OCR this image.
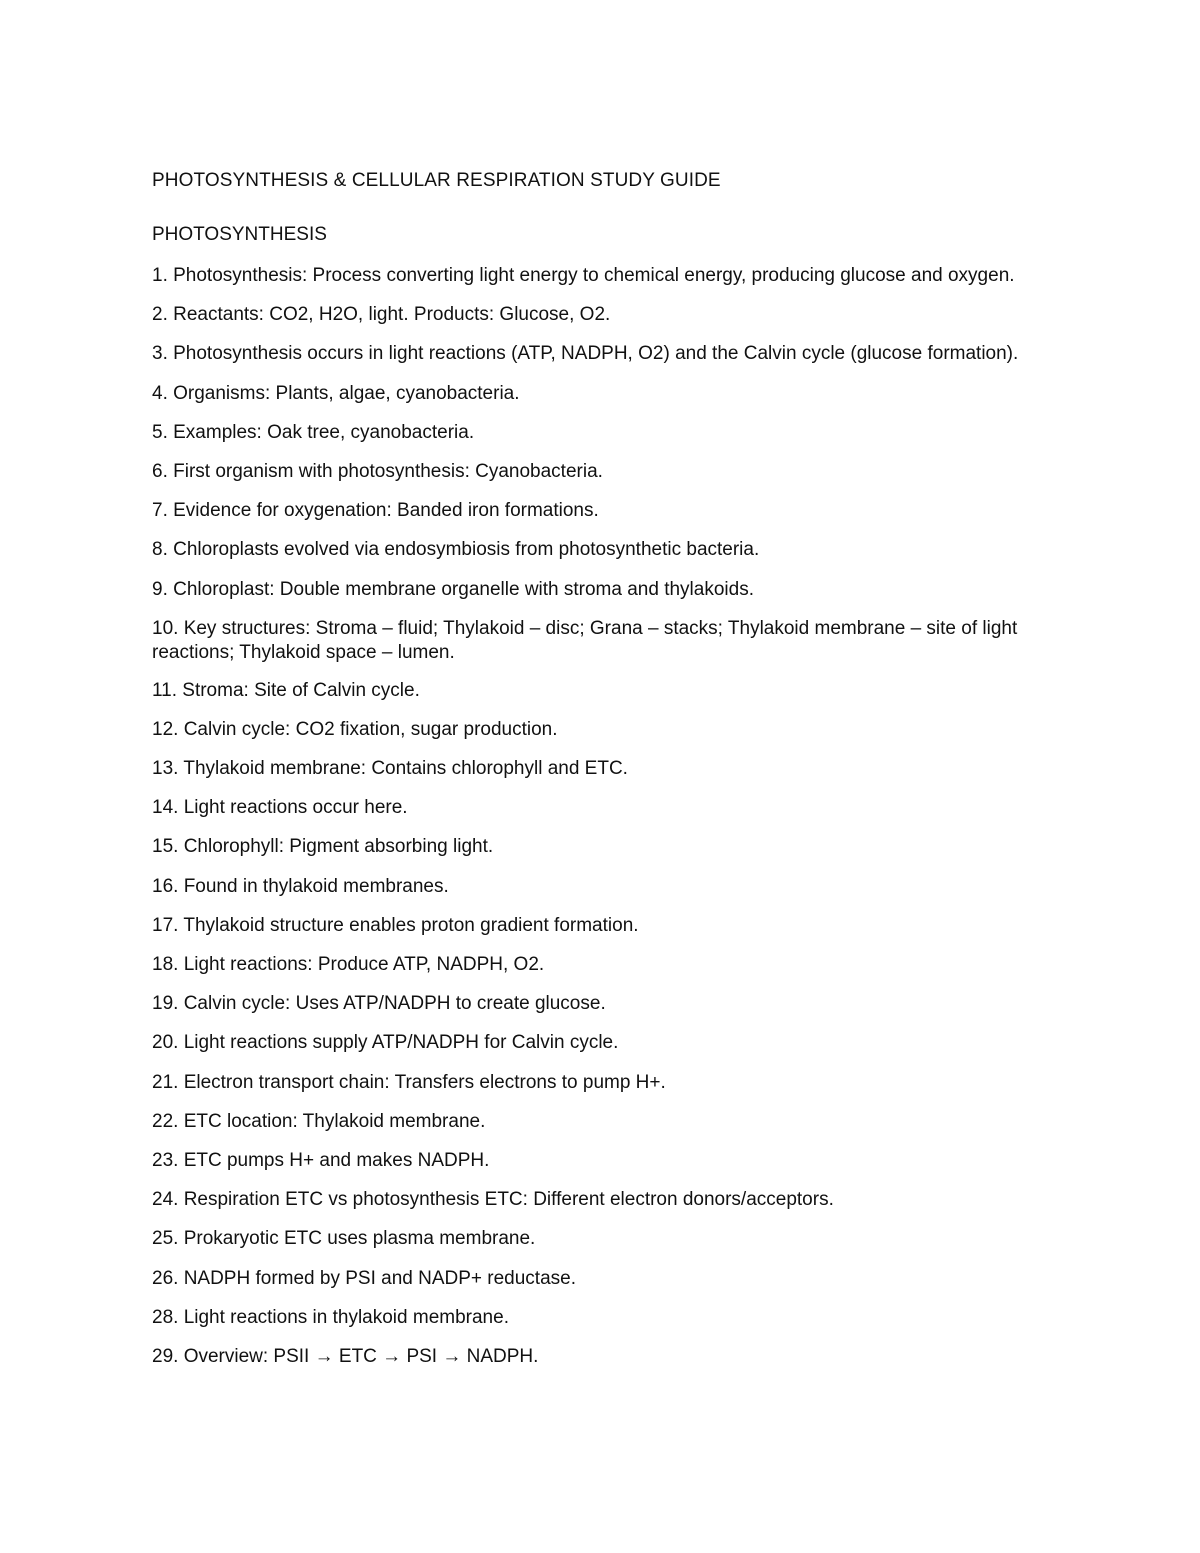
PHOTOSYNTHESIS & CELLULAR RESPIRATION STUDY GUIDE
PHOTOSYNTHESIS
1. Photosynthesis: Process converting light energy to chemical energy, producing glucose and oxygen.
2. Reactants: CO2, H2O, light. Products: Glucose, O2.
3. Photosynthesis occurs in light reactions (ATP, NADPH, O2) and the Calvin cycle (glucose formation).
4. Organisms: Plants, algae, cyanobacteria.
5. Examples: Oak tree, cyanobacteria.
6. First organism with photosynthesis: Cyanobacteria.
7. Evidence for oxygenation: Banded iron formations.
8. Chloroplasts evolved via endosymbiosis from photosynthetic bacteria.
9. Chloroplast: Double membrane organelle with stroma and thylakoids.
10. Key structures: Stroma – fluid; Thylakoid – disc; Grana – stacks; Thylakoid membrane – site of light reactions; Thylakoid space – lumen.
11. Stroma: Site of Calvin cycle.
12. Calvin cycle: CO2 fixation, sugar production.
13. Thylakoid membrane: Contains chlorophyll and ETC.
14. Light reactions occur here.
15. Chlorophyll: Pigment absorbing light.
16. Found in thylakoid membranes.
17. Thylakoid structure enables proton gradient formation.
18. Light reactions: Produce ATP, NADPH, O2.
19. Calvin cycle: Uses ATP/NADPH to create glucose.
20. Light reactions supply ATP/NADPH for Calvin cycle.
21. Electron transport chain: Transfers electrons to pump H+.
22. ETC location: Thylakoid membrane.
23. ETC pumps H+ and makes NADPH.
24. Respiration ETC vs photosynthesis ETC: Different electron donors/acceptors.
25. Prokaryotic ETC uses plasma membrane.
26. NADPH formed by PSI and NADP+ reductase.
28. Light reactions in thylakoid membrane.
29. Overview: PSII → ETC → PSI → NADPH.
